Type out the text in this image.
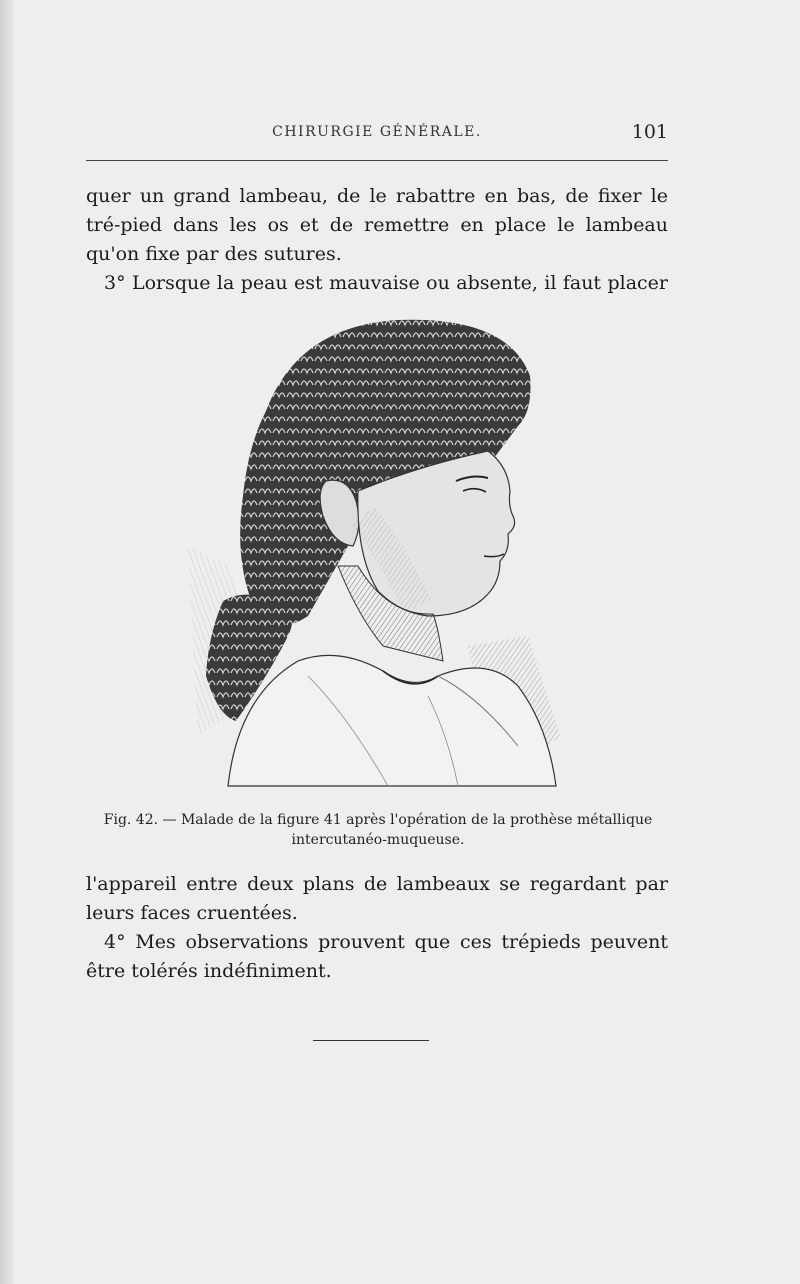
CHIRURGIE GÉNÉRALE.	101

quer un grand lambeau, de le rabattre en bas, de fixer le tré-pied dans les os et de remettre en place le lambeau qu'on fixe par des sutures.

3° Lorsque la peau est mauvaise ou absente, il faut placer

Fig. 42. — Malade de la figure 41 après l'opération de la prothèse métallique intercutanéo-muqueuse.

l'appareil entre deux plans de lambeaux se regardant par leurs faces cruentées.

4° Mes observations prouvent que ces trépieds peuvent être tolérés indéfiniment.
